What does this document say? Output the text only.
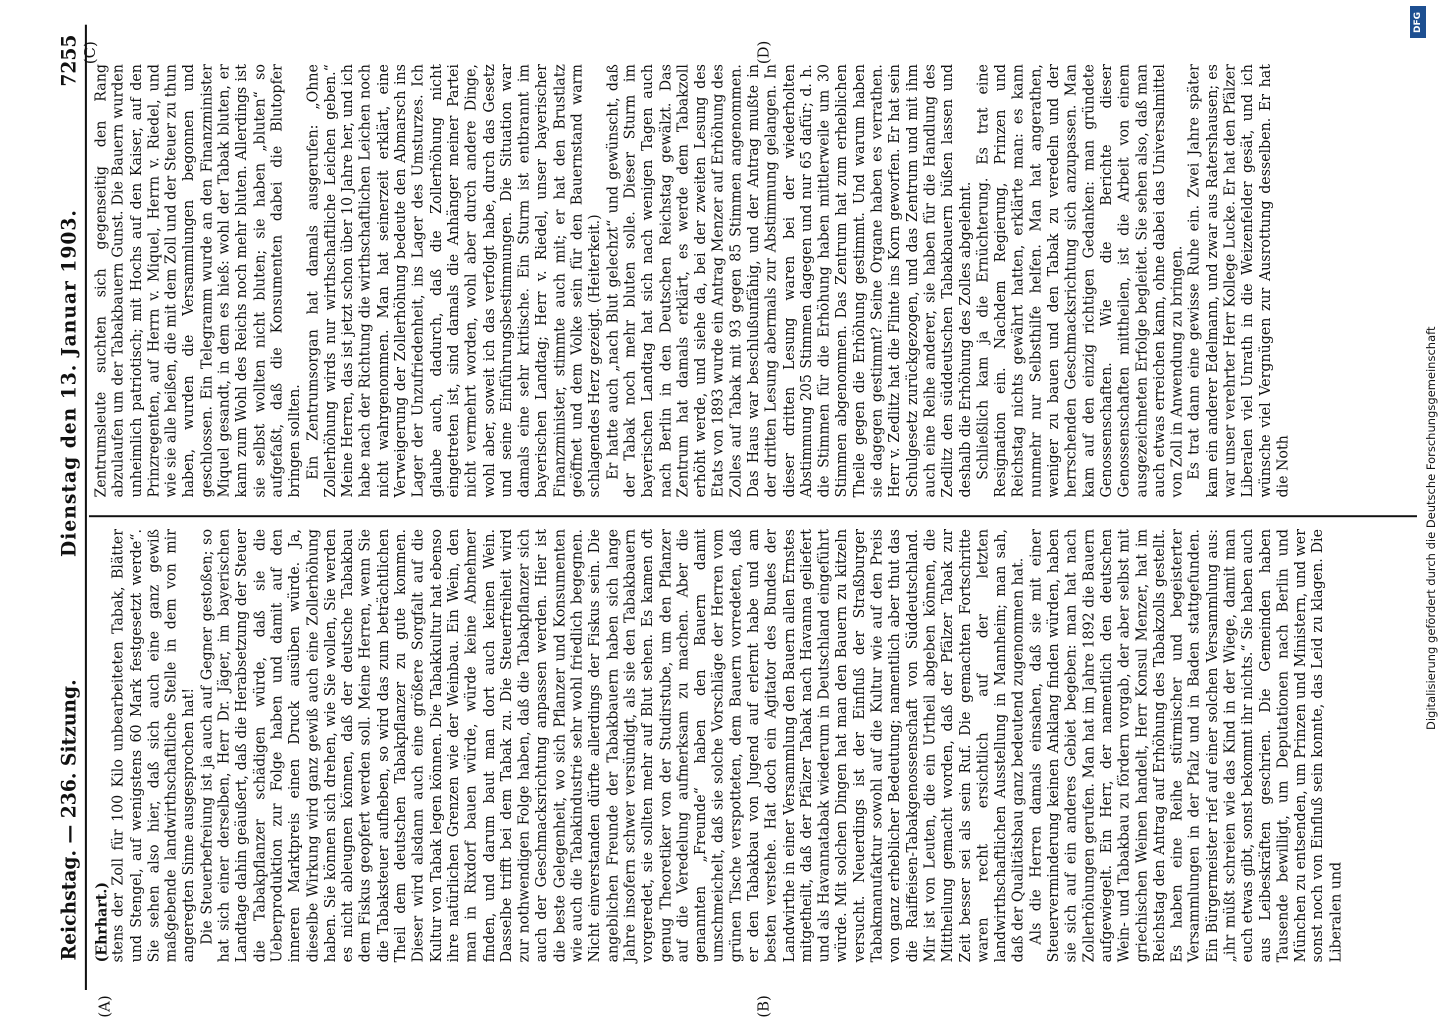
Reichstag. — 236. Sitzung.
Dienstag den 13. Januar 1903.
7255
(A)	(B)
(C)	(D)

(Ehrhart.) stens der Zoll für 100 Kilo unbearbeiteten Tabak, Blätter und Stengel, auf wenigstens 60 Mark festgesetzt werde“. Sie sehen also hier, daß sich auch eine ganz gewiß maßgebende landwirthschaftliche Stelle in dem von mir angeregten Sinne ausgesprochen hat! Die Steuerbefreiung ist ja auch auf Gegner gestoßen; so hat sich einer derselben, Herr Dr. Jäger, im bayerischen Landtage dahin geäußert, daß die Herabsetzung der Steuer die Tabakpflanzer schädigen würde, daß sie die Ueberproduktion zur Folge haben und damit auf den inneren Marktpreis einen Druck ausüben würde. Ja, dieselbe Wirkung wird ganz gewiß auch eine Zollerhöhung haben. Sie können sich drehen, wie Sie wollen, Sie werden es nicht ableugnen können, daß der deutsche Tabakbau dem Fiskus geopfert werden soll. Meine Herren, wenn Sie die Tabaksteuer aufheben, so wird das zum beträchtlichen Theil dem deutschen Tabakpflanzer zu gute kommen. Dieser wird alsdann auch eine größere Sorgfalt auf die Kultur von Tabak legen können. Die Tabakkultur hat ebenso ihre natürlichen Grenzen wie der Weinbau. Ein Wein, den man in Rixdorf bauen würde, würde keine Abnehmer finden, und darum baut man dort auch keinen Wein. Dasselbe trifft bei dem Tabak zu. Die Steuerfreiheit wird zur nothwendigen Folge haben, daß die Tabakpflanzer sich auch der Geschmacksrichtung anpassen werden. Hier ist die beste Gelegenheit, wo sich Pflanzer und Konsumenten wie auch die Tabakindustrie sehr wohl friedlich begegnen. Nicht einverstanden dürfte allerdings der Fiskus sein. Die angeblichen Freunde der Tabakbauern haben sich lange Jahre insofern schwer versündigt, als sie den Tabakbauern vorgeredet, sie sollten mehr auf Blut sehen. Es kamen oft genug Theoretiker von der Studirstube, um den Pflanzer auf die Veredelung aufmerksam zu machen. Aber die genannten „Freunde“ haben den Bauern damit umschmeichelt, daß sie solche Vorschläge der Herren vom grünen Tische verspotteten, dem Bauern vorredeten, daß er den Tabakbau von Jugend auf erlernt habe und am besten verstehe. Hat doch ein Agitator des Bundes der Landwirthe in einer Versammlung den Bauern allen Ernstes mitgetheilt, daß der Pfälzer Tabak nach Havanna geliefert und als Havannatabak wiederum in Deutschland eingeführt würde. Mit solchen Dingen hat man den Bauern zu kitzeln versucht. Neuerdings ist der Einfluß der Straßburger Tabakmanufaktur sowohl auf die Kultur wie auf den Preis von ganz erheblicher Bedeutung; namentlich aber thut das die Raiffeisen-Tabakgenossenschaft von Süddeutschland. Mir ist von Leuten, die ein Urtheil abgeben können, die Mittheilung gemacht worden, daß der Pfälzer Tabak zur Zeit besser sei als sein Ruf. Die gemachten Fortschritte waren recht ersichtlich auf der letzten landwirthschaftlichen Ausstellung in Mannheim; man sah, daß der Qualitätsbau ganz bedeutend zugenommen hat. Als die Herren damals einsahen, daß sie mit einer Steuerverminderung keinen Anklang finden würden, haben sie sich auf ein anderes Gebiet begeben: man hat nach Zollerhöhungen gerufen. Man hat im Jahre 1892 die Bauern aufgewiegelt. Ein Herr, der namentlich den deutschen Wein- und Tabakbau zu fördern vorgab, der aber selbst mit griechischen Weinen handelt, Herr Konsul Menzer, hat im Reichstag den Antrag auf Erhöhung des Tabakzolls gestellt. Es haben eine Reihe stürmischer und begeisterter Versammlungen in der Pfalz und in Baden stattgefunden. Ein Bürgermeister rief auf einer solchen Versammlung aus: „ihr müßt schreien wie das Kind in der Wiege, damit man euch etwas gibt, sonst bekommt ihr nichts.“ Sie haben auch aus Leibeskräften geschrien. Die Gemeinden haben Tausende bewilligt, um Deputationen nach Berlin und München zu entsenden, um Prinzen und Ministern, und wer sonst noch von Einfluß sein konnte, das Leid zu klagen. Die Liberalen und

Zentrumsleute suchten sich gegenseitig den Rang abzulaufen um der Tabakbauern Gunst. Die Bauern wurden unheimlich patriotisch; mit Hochs auf den Kaiser, auf den Prinzregenten, auf Herrn v. Miquel, Herrn v. Riedel, und wie sie alle heißen, die mit dem Zoll und der Steuer zu thun haben, wurden die Versammlungen begonnen und geschlossen. Ein Telegramm wurde an den Finanzminister Miquel gesandt, in dem es hieß: wohl der Tabak bluten, er kann zum Wohl des Reichs noch mehr bluten. Allerdings ist sie selbst wollten nicht bluten; sie haben „bluten“ so aufgefaßt, daß die Konsumenten dabei die Blutopfer bringen sollten. Ein Zentrumsorgan hat damals ausgerufen: „Ohne Zollerhöhung wirds nur wirthschaftliche Leichen geben.“ Meine Herren, das ist jetzt schon über 10 Jahre her, und ich habe nach der Richtung die wirthschaftlichen Leichen noch nicht wahrgenommen. Man hat seinerzeit erklärt, eine Verweigerung der Zollerhöhung bedeute den Abmarsch ins Lager der Unzufriedenheit, ins Lager des Umsturzes. Ich glaube auch, dadurch, daß die Zollerhöhung nicht eingetreten ist, sind damals die Anhänger meiner Partei nicht vermehrt worden, wohl aber durch andere Dinge, wohl aber, soweit ich das verfolgt habe, durch das Gesetz und seine Einführungsbestimmungen. Die Situation war damals eine sehr kritische. Ein Sturm ist entbrannt im bayerischen Landtag; Herr v. Riedel, unser bayerischer Finanzminister, stimmte auch mit; er hat den Brustlatz geöffnet und dem Volke sein für den Bauernstand warm schlagendes Herz gezeigt. (Heiterkeit.) Er hatte auch „nach Blut gelechzt“ und gewünscht, daß der Tabak noch mehr bluten solle. Dieser Sturm im bayerischen Landtag hat sich nach wenigen Tagen auch nach Berlin in den Deutschen Reichstag gewälzt. Das Zentrum hat damals erklärt, es werde dem Tabakzoll erhöht werde, und siehe da, bei der zweiten Lesung des Etats von 1893 wurde ein Antrag Menzer auf Erhöhung des Zolles auf Tabak mit 93 gegen 85 Stimmen angenommen. Das Haus war beschlußunfähig, und der Antrag mußte in der dritten Lesung abermals zur Abstimmung gelangen. In dieser dritten Lesung waren bei der wiederholten Abstimmung 205 Stimmen dagegen und nur 65 dafür; d. h. die Stimmen für die Erhöhung haben mittlerweile um 30 Stimmen abgenommen. Das Zentrum hat zum erheblichen Theile gegen die Erhöhung gestimmt. Und warum haben sie dagegen gestimmt? Seine Organe haben es verrathen. Herr v. Zedlitz hat die Flinte ins Korn geworfen. Er hat sein Schulgesetz zurückgezogen, und das Zentrum und mit ihm auch eine Reihe anderer, sie haben für die Handlung des Zedlitz den süddeutschen Tabakbauern büßen lassen und deshalb die Erhöhung des Zolles abgelehnt. Schließlich kam ja die Ernüchterung. Es trat eine Resignation ein. Nachdem Regierung, Prinzen und Reichstag nichts gewährt hatten, erklärte man: es kann nunmehr nur Selbsthilfe helfen. Man hat angerathen, weniger zu bauen und den Tabak zu veredeln und der herrschenden Geschmacksrichtung sich anzupassen. Man kam auf den einzig richtigen Gedanken: man gründete Genossenschaften. Wie die Berichte dieser Genossenschaften mittheilen, ist die Arbeit von einem ausgezeichneten Erfolge begleitet. Sie sehen also, daß man auch etwas erreichen kann, ohne dabei das Universalmittel von Zoll in Anwendung zu bringen. Es trat dann eine gewisse Ruhe ein. Zwei Jahre später kam ein anderer Edelmann, und zwar aus Ratershausen; es war unser verehrter Herr Kollege Lucke. Er hat den Pfälzer Liberalen viel Unrath in die Weizenfelder gesät, und ich wünsche viel Vergnügen zur Ausrottung desselben. Er hat die Noth

DFG
Digitalisierung gefördert durch die Deutsche Forschungsgemeinschaft
